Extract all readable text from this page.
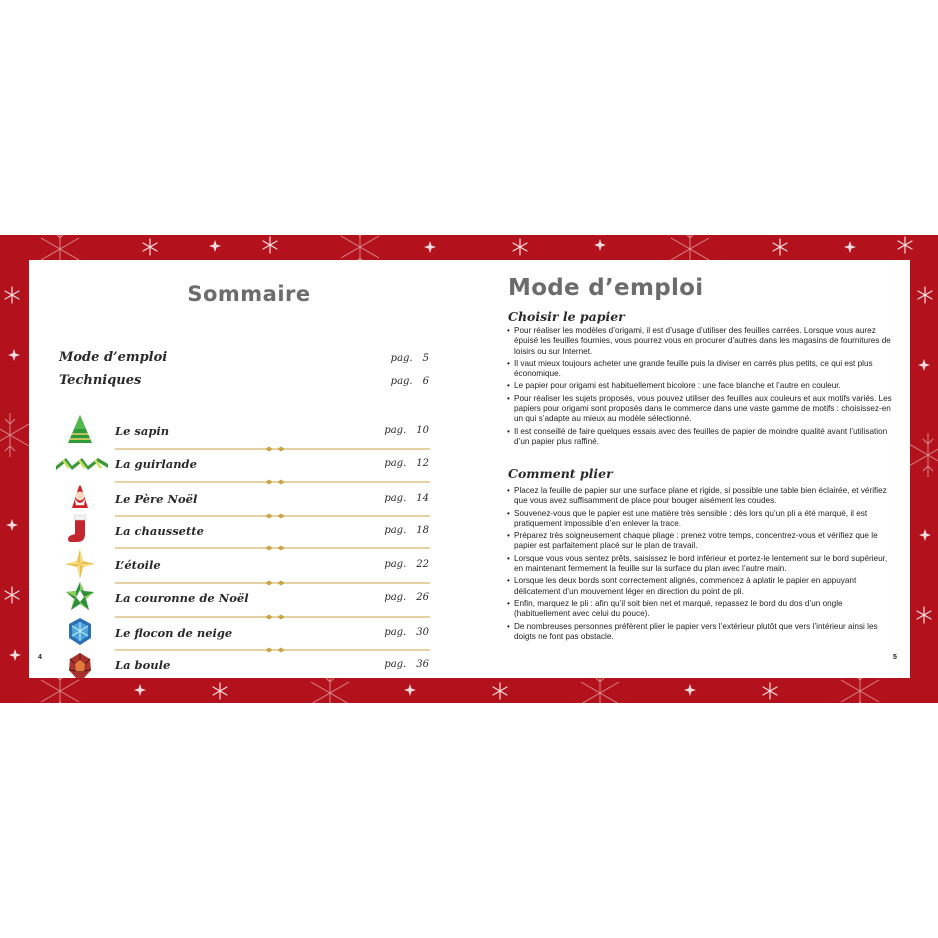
Sommaire
Mode d’emploi	pag. 5
Techniques	pag. 6
Le sapin	pag. 10
La guirlande	pag. 12
Le Père Noël	pag. 14
La chaussette	pag. 18
L’étoile	pag. 22
La couronne de Noël	pag. 26
Le flocon de neige	pag. 30
La boule	pag. 36
4
Mode d’emploi
Choisir le papier
• Pour réaliser les modèles d’origami, il est d’usage d’utiliser des feuilles carrées. Lorsque vous aurez épuisé les feuilles fournies, vous pourrez vous en procurer d’autres dans les magasins de fournitures de loisirs ou sur Internet.
• Il vaut mieux toujours acheter une grande feuille puis la diviser en carrés plus petits, ce qui est plus économique.
• Le papier pour origami est habituellement bicolore : une face blanche et l’autre en couleur.
• Pour réaliser les sujets proposés, vous pouvez utiliser des feuilles aux couleurs et aux motifs variés. Les papiers pour origami sont proposés dans le commerce dans une vaste gamme de motifs : choisissez-en un qui s’adapte au mieux au modèle sélectionné.
• Il est conseillé de faire quelques essais avec des feuilles de papier de moindre qualité avant l’utilisation d’un papier plus raffiné.
Comment plier
• Placez la feuille de papier sur une surface plane et rigide, si possible une table bien éclairée, et vérifiez que vous avez suffisamment de place pour bouger aisément les coudes.
• Souvenez-vous que le papier est une matière très sensible : dès lors qu’un pli a été marqué, il est pratiquement impossible d’en enlever la trace.
• Préparez très soigneusement chaque pliage : prenez votre temps, concentrez-vous et vérifiez que le papier est parfaitement placé sur le plan de travail.
• Lorsque vous vous sentez prêts, saisissez le bord inférieur et portez-le lentement sur le bord supérieur, en maintenant fermement la feuille sur la surface du plan avec l’autre main.
• Lorsque les deux bords sont correctement alignés, commencez à aplatir le papier en appuyant délicatement d’un mouvement léger en direction du point de pli.
• Enfin, marquez le pli : afin qu’il soit bien net et marqué, repassez le bord du dos d’un ongle (habituellement avec celui du pouce).
• De nombreuses personnes préfèrent plier le papier vers l’extérieur plutôt que vers l’intérieur ainsi les doigts ne font pas obstacle.
5
